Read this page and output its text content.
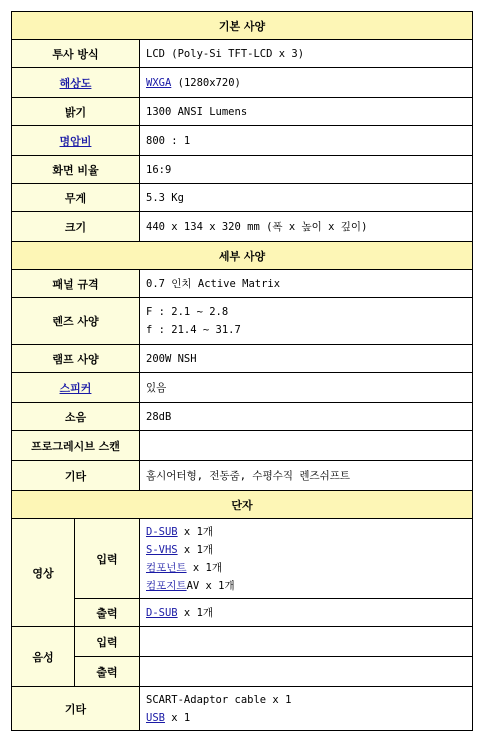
기본 사양		
투사 방식		LCD (Poly-Si TFT-LCD x 3)
해상도		WXGA (1280x720)
밝기		1300 ANSI Lumens
명암비		800 : 1
화면 비율		16:9
무게		5.3 Kg
크기		440 x 134 x 320 mm (폭 x 높이 x 깊이)
세부 사양		
패널 규격		0.7 인치 Active Matrix
렌즈 사양		F : 2.1 ~ 2.8
f : 21.4 ~ 31.7

램프 사양		200W NSH
스피커		있음
소음		28dB
프로그레시브 스캔		
기타		홈시어터형, 전동줌, 수평수직 렌즈쉬프트
단자		
영상	입력	D-SUB x 1개
S-VHS x 1개
컴포넌트 x 1개
컴포지트AV x 1개

	출력	D-SUB x 1개
음성	입력	
	출력	
기타		SCART-Adaptor cable x 1
USB x 1
